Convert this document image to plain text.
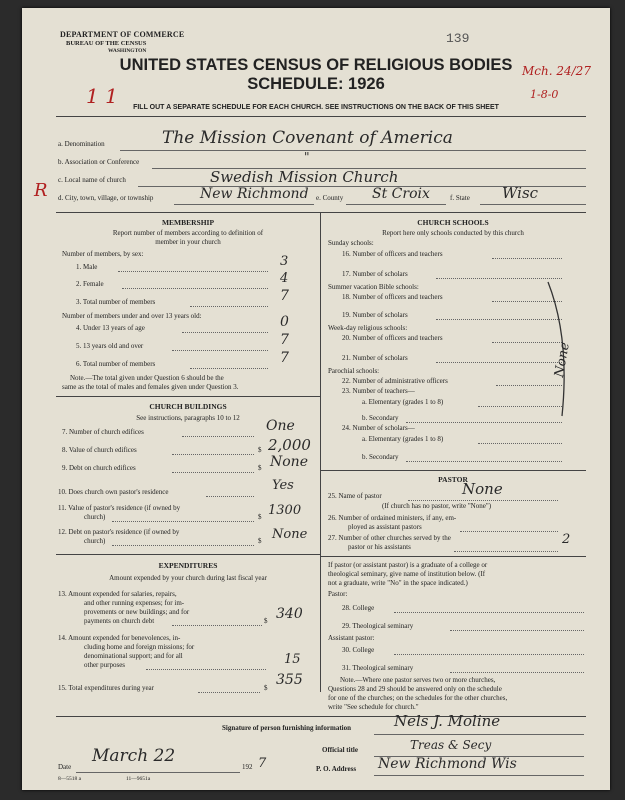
DEPARTMENT OF COMMERCE
BUREAU OF THE CENSUS
WASHINGTON
139
UNITED STATES CENSUS OF RELIGIOUS BODIES
SCHEDULE: 1926
FILL OUT A SEPARATE SCHEDULE FOR EACH CHURCH. SEE INSTRUCTIONS ON THE BACK OF THIS SHEET
1 1
Mch. 24/27
1-8-0
R
a. Denomination	The Mission Covenant of America
b. Association or Conference	"
c. Local name of church	Swedish Mission Church
d. City, town, village, or township	New Richmond e. County St Croix	f. State Wisc
MEMBERSHIP
Report number of members according to definition of
member in your church
Number of members, by sex:
1. Male	3
2. Female	4
3. Total number of members	7
Number of members under and over 13 years old:
4. Under 13 years of age	0
5. 13 years old and over	7
6. Total number of members	7
Note.—The total given under Question 6 should be the
same as the total of males and females given under Question 3.
CHURCH BUILDINGS
See instructions, paragraphs 10 to 12
7. Number of church edifices	One
8. Value of church edifices	$ 2,000
9. Debt on church edifices	$ None
10. Does church own pastor's residence	Yes
11. Value of pastor's residence (if owned by
church)	$ 1300
12. Debt on pastor's residence (if owned by
church)	$ None
EXPENDITURES
Amount expended by your church during last fiscal year
13. Amount expended for salaries, repairs,
and other running expenses; for im-
provements or new buildings; and for
payments on church debt	$ 340
14. Amount expended for benevolences, in-
cluding home and foreign missions; for
denominational support; and for all
other purposes	15
15. Total expenditures during year	$ 355
CHURCH SCHOOLS
Report here only schools conducted by this church
Sunday schools:
16. Number of officers and teachers
17. Number of scholars
Summer vacation Bible schools:
18. Number of officers and teachers
19. Number of scholars
Week-day religious schools:
20. Number of officers and teachers
21. Number of scholars
Parochial schools:
22. Number of administrative officers
23. Number of teachers—
a. Elementary (grades 1 to 8)
b. Secondary
24. Number of scholars—
a. Elementary (grades 1 to 8)
b. Secondary
None
PASTOR
25. Name of pastor	None
(If church has no pastor, write "None")
26. Number of ordained ministers, if any, em-
ployed as assistant pastors
27. Number of other churches served by the
pastor or his assistants	2
If pastor (or assistant pastor) is a graduate of a college or
theological seminary, give name of institution below. (If
not a graduate, write "No" in the space indicated.)
Pastor:
28. College
29. Theological seminary
Assistant pastor:
30. College
31. Theological seminary
Note.—Where one pastor serves two or more churches,
Questions 28 and 29 should be answered only on the schedule
for one of the churches; on the schedules for the other churches,
write "See schedule for church."
Signature of person furnishing information	Nels J. Moline
Official title	Treas & Secy
Date
March 22
192 7	P. O. Address New Richmond Wis
8—5518 a	11—9651a
